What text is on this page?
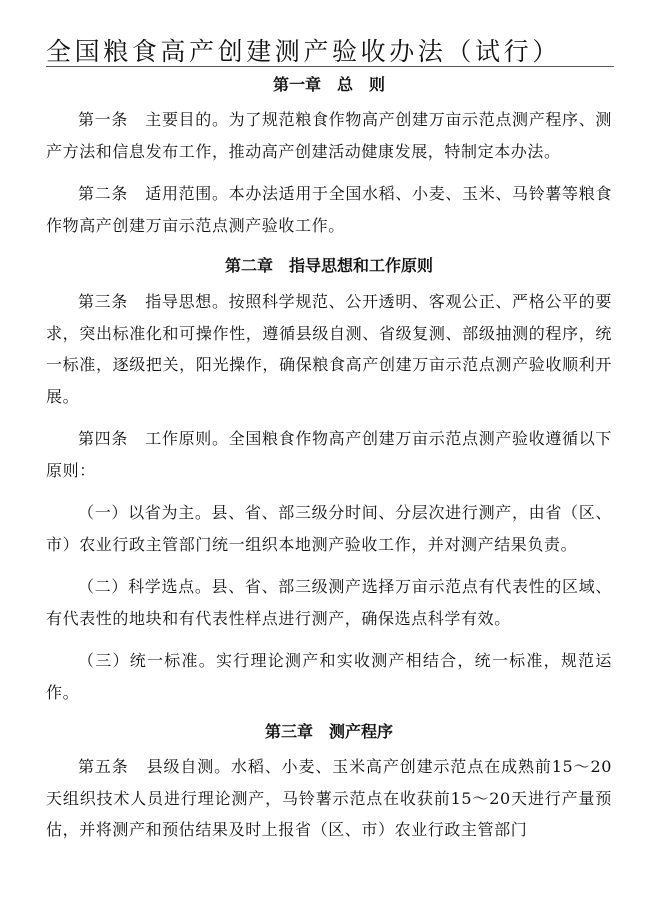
全国粮食高产创建测产验收办法（试行）
第一章　总　则

第一条 主要目的。为了规范粮食作物高产创建万亩示范点测产程序、测产方法和信息发布工作，推动高产创建活动健康发展，特制定本办法。

第二条 适用范围。本办法适用于全国水稻、小麦、玉米、马铃薯等粮食作物高产创建万亩示范点测产验收工作。

第二章　指导思想和工作原则

第三条 指导思想。按照科学规范、公开透明、客观公正、严格公平的要求，突出标准化和可操作性，遵循县级自测、省级复测、部级抽测的程序，统一标准，逐级把关，阳光操作，确保粮食高产创建万亩示范点测产验收顺利开展。

第四条 工作原则。全国粮食作物高产创建万亩示范点测产验收遵循以下原则：

（一）以省为主。县、省、部三级分时间、分层次进行测产，由省（区、市）农业行政主管部门统一组织本地测产验收工作，并对测产结果负责。

（二）科学选点。县、省、部三级测产选择万亩示范点有代表性的区域、有代表性的地块和有代表性样点进行测产，确保选点科学有效。

（三）统一标准。实行理论测产和实收测产相结合，统一标准，规范运作。

第三章　测产程序

第五条 县级自测。水稻、小麦、玉米高产创建示范点在成熟前15～20天组织技术人员进行理论测产，马铃薯示范点在收获前15～20天进行产量预估，并将测产和预估结果及时上报省（区、市）农业行政主管部门
